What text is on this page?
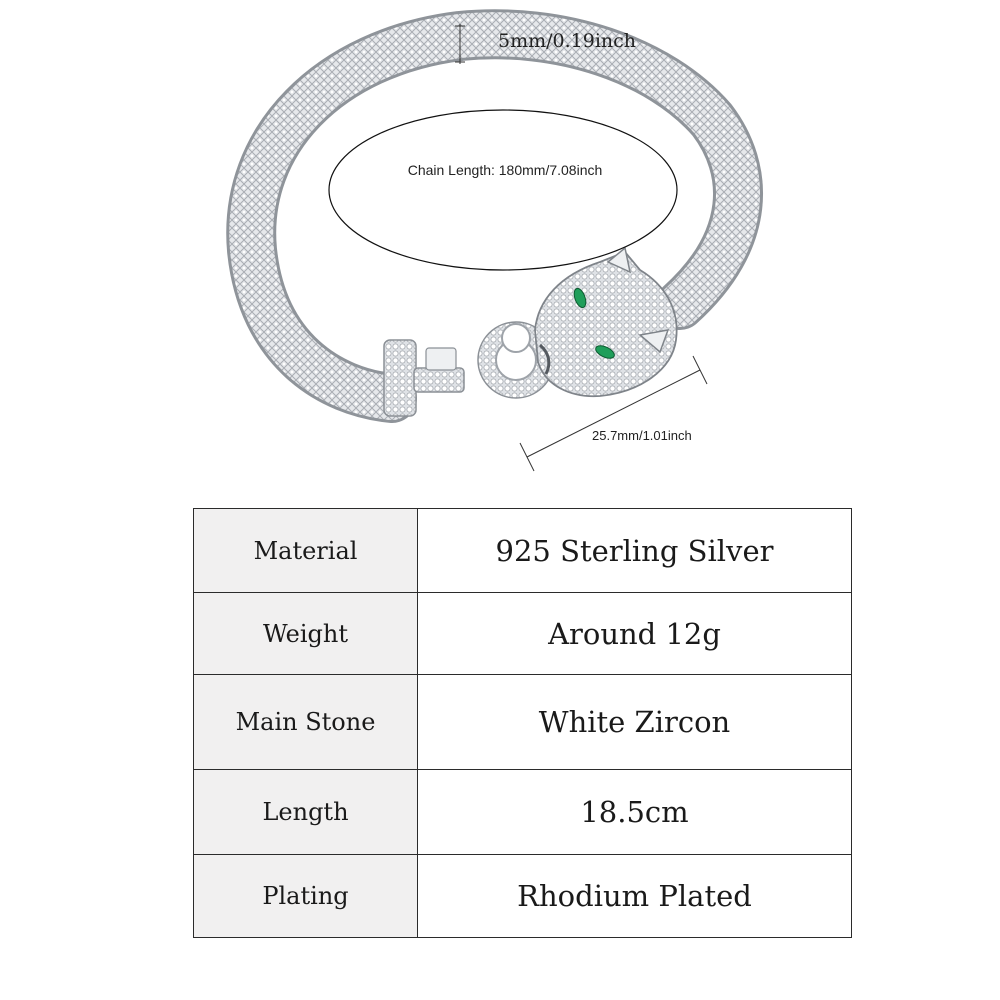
5mm/0.19inch
Chain Length: 180mm/7.08inch
25.7mm/1.01inch
Material	925 Sterling Silver
Weight	Around 12g
Main Stone	White Zircon
Length	18.5cm
Plating	Rhodium Plated
